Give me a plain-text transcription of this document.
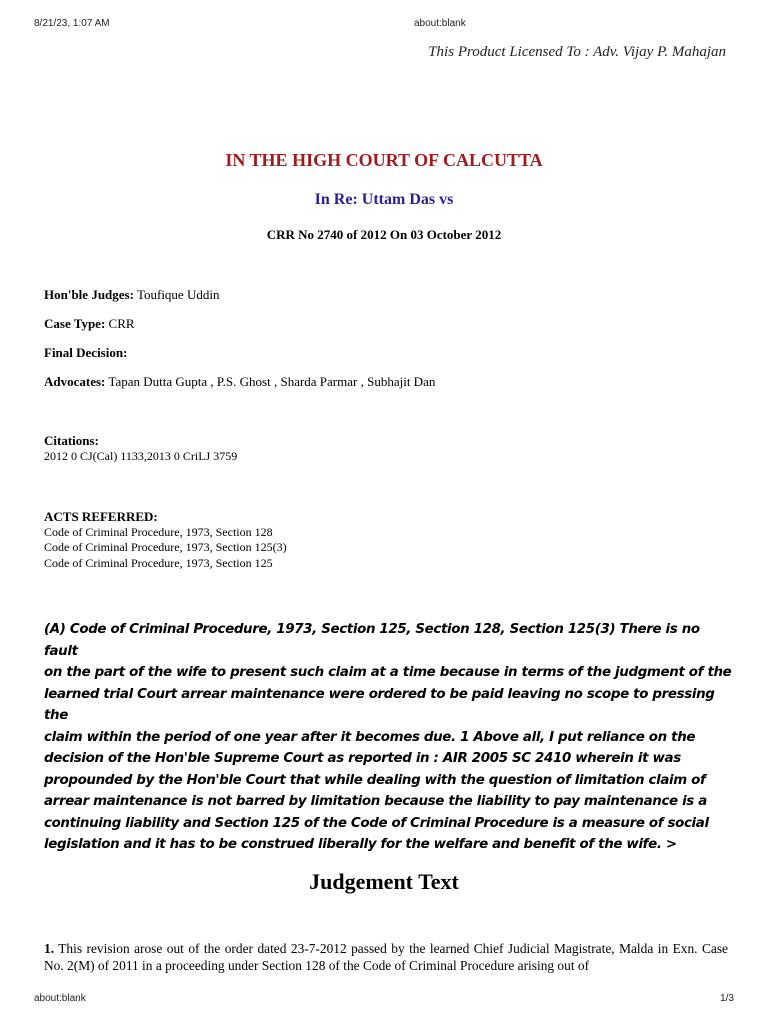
8/21/23, 1:07 AM	about:blank
This Product Licensed To : Adv. Vijay P. Mahajan
IN THE HIGH COURT OF CALCUTTA
In Re: Uttam Das vs
CRR No 2740 of 2012 On 03 October 2012
Hon'ble Judges: Toufique Uddin
Case Type: CRR
Final Decision:
Advocates: Tapan Dutta Gupta , P.S. Ghost , Sharda Parmar , Subhajit Dan
Citations:
2012 0 CJ(Cal) 1133,2013 0 CriLJ 3759
ACTS REFERRED:
Code of Criminal Procedure, 1973, Section 128
Code of Criminal Procedure, 1973, Section 125(3)
Code of Criminal Procedure, 1973, Section 125
(A) Code of Criminal Procedure, 1973, Section 125, Section 128, Section 125(3) There is no fault
on the part of the wife to present such claim at a time because in terms of the judgment of the
learned trial Court arrear maintenance were ordered to be paid leaving no scope to pressing the
claim within the period of one year after it becomes due. 1 Above all, I put reliance on the
decision of the Hon'ble Supreme Court as reported in : AIR 2005 SC 2410 wherein it was
propounded by the Hon'ble Court that while dealing with the question of limitation claim of
arrear maintenance is not barred by limitation because the liability to pay maintenance is a
continuing liability and Section 125 of the Code of Criminal Procedure is a measure of social
legislation and it has to be construed liberally for the welfare and benefit of the wife. >
Judgement Text
1. This revision arose out of the order dated 23-7-2012 passed by the learned Chief Judicial Magistrate, Malda in Exn. Case No. 2(M) of 2011 in a proceeding under Section 128 of the Code of Criminal Procedure arising out of
about:blank	1/3
